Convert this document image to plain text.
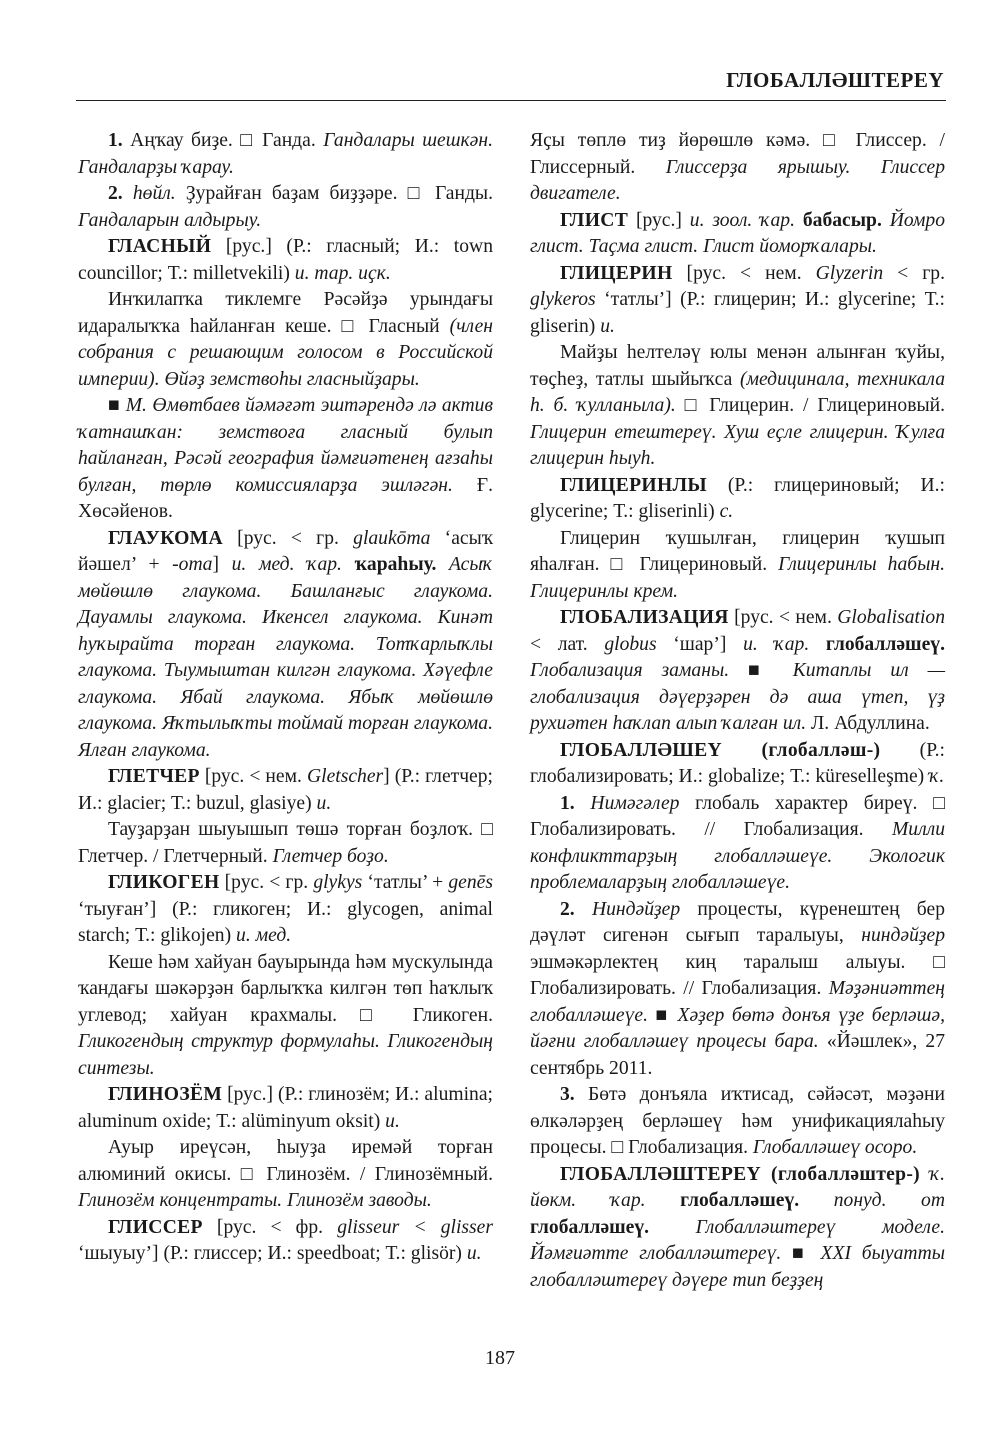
ГЛОБАЛЛӘШТЕРЕҮ

1. Аңҡау биҙе. □ Ганда. Гандалары шешкән. Гандаларҙы ҡарау.

2. һөйл. Ҙурайған баҙам биҙҙәре. □ Ганды. Гандаларын алдырыу.

ГЛАСНЫЙ [рус.] (Р.: гласный; И.: town councillor; Т.: milletvekili) и. тар. иҫк.

Инҡилапҡа тиклемге Рәсәйҙә урындағы идаралыҡҡа һайланған кеше. □ Гласный (член собрания с решающим голосом в Российской империи). Өйәҙ земствоһы гласныйҙары.

■ М. Өмөтбаев йәмәғәт эштәрендә лә актив ҡатнашҡан: земствоға гласный булып һайланған, Рәсәй география йәмғиәтенең ағзаһы булған, төрлө комиссияларҙа эшләгән. Ғ. Хөсәйенов.

ГЛАУКОМА [рус. < гр. glaukōma ‘асыҡ йәшел’ + -oma] и. мед. ҡар. ҡараһыу. Асыҡ мөйөшлө глаукома. Башланғыс глаукома. Дауамлы глаукома. Икенсел глаукома. Кинәт һуҡырайта торған глаукома. Тотҡарлыҡлы глаукома. Тыумыштан килгән глаукома. Хәүефле глаукома. Ябай глаукома. Ябыҡ мөйөшлө глаукома. Яҡтылыҡты тоймай торған глаукома. Ялған глаукома.

ГЛЕТЧЕР [рус. < нем. Gletscher] (Р.: глетчер; И.: glacier; Т.: buzul, glasiye) и.

Тауҙарҙан шыуышып төшә торған боҙлоҡ. □ Глетчер. / Глетчерный. Глетчер боҙо.

ГЛИКОГЕН [рус. < гр. glykys ‘татлы’ + genēs ‘тыуған’] (Р.: гликоген; И.: glycogen, animal starch; Т.: glikojen) и. мед.

Кеше һәм хайуан бауырында һәм мускулында ҡандағы шәкәрҙән барлыҡҡа килгән төп һаҡлыҡ углевод; хайуан крахмалы. □ Гликоген. Гликогендың структур формулаһы. Гликогендың синтезы.

ГЛИНОЗЁМ [рус.] (Р.: глинозём; И.: alumina; aluminum oxide; Т.: alüminyum oksit) и.

Ауыр иреүсән, һыуҙа иремәй торған алюминий окисы. □ Глинозём. / Глинозёмный. Глинозём концентраты. Глинозём заводы.

ГЛИССЕР [рус. < фр. glisseur < glisser ‘шыуыу’] (Р.: глиссер; И.: speedboat; Т.: glisör) и.

Яҫы төплө тиҙ йөрөшлө кәмә. □ Глиссер. / Глиссерный. Глиссерҙа ярышыу. Глиссер двигателе.

ГЛИСТ [рус.] и. зоол. ҡар. бабасыр. Йомро глист. Таҫма глист. Глист йоморҡалары.

ГЛИЦЕРИН [рус. < нем. Glyzerin < гр. glykeros ‘татлы’] (Р.: глицерин; И.: glycerine; Т.: gliserin) и.

Майҙы һелтеләү юлы менән алынған ҡуйы, төҫһеҙ, татлы шыйыҡса (медицинала, техникала һ. б. ҡулланыла). □ Глицерин. / Глицериновый. Глицерин етештереү. Хуш еҫле глицерин. Ҡулға глицерин һыуһ.

ГЛИЦЕРИНЛЫ (Р.: глицериновый; И.: glycerine; Т.: gliserinli) с.

Глицерин ҡушылған, глицерин ҡушып яһалған. □ Глицериновый. Глицеринлы һабын. Глицеринлы крем.

ГЛОБАЛИЗАЦИЯ [рус. < нем. Globalisation < лат. globus ‘шар’] и. ҡар. глобалләшеү. Глобализация заманы. ■ Китаплы ил — глобализация дәүерҙәрен дә аша үтеп, үҙ рухиәтен һаҡлап алып ҡалған ил. Л. Абдуллина.

ГЛОБАЛЛӘШЕҮ (глобалләш-) (Р.: глобализировать; И.: globalize; Т.: küreselleşme) ҡ.

1. Нимәгәлер глобаль характер биреү. □ Глобализировать. // Глобализация. Милли конфликттарҙың глобалләшеүе. Экологик проблемаларҙың глобалләшеүе.

2. Ниндәйҙер процесты, күренештең бер дәүләт сигенән сығып таралыуы, ниндәйҙер эшмәкәрлектең киң таралыш алыуы. □ Глобализировать. // Глобализация. Мәҙәниәттең глобалләшеүе. ■ Хәҙер бөтә донъя үҙе берләшә, йәғни глобалләшеү процесы бара. «Йәшлек», 27 сентябрь 2011.

3. Бөтә донъяла иҡтисад, сәйәсәт, мәҙәни өлкәләрҙең берләшеү һәм унификациялаһыу процесы. □ Глобализация. Глобалләшеү осоро.

ГЛОБАЛЛӘШТЕРЕҮ (глобалләштер-) ҡ. йөкм. ҡар. глобалләшеү. понуд. от глобалләшеү. Глобалләштереү моделе. Йәмғиәтте глобалләштереү. ■ XXI быуатты глобалләштереү дәүере тип беҙҙең

187
